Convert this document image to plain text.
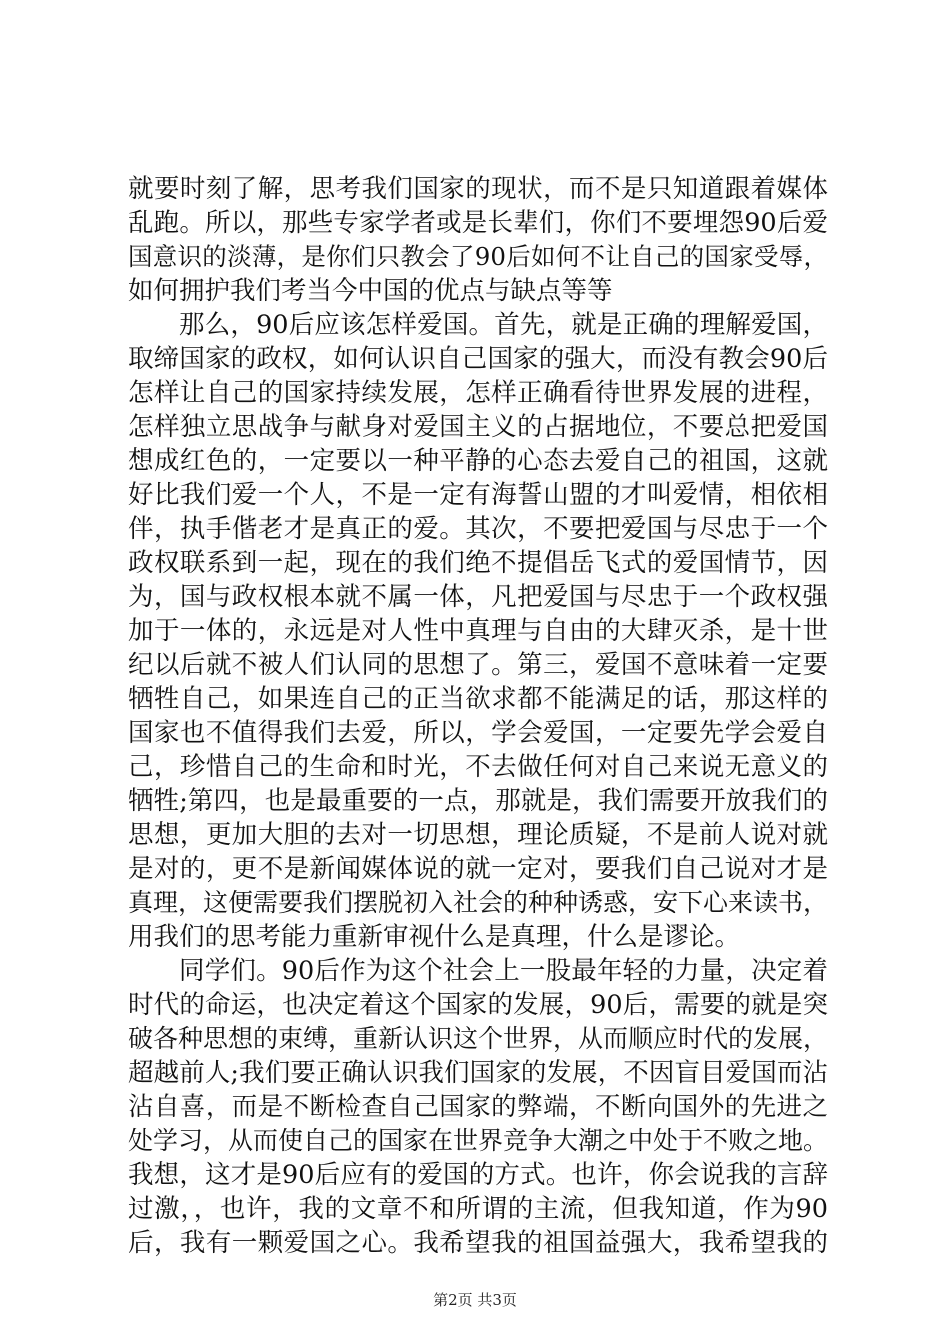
就要时刻了解，思考我们国家的现状，而不是只知道跟着媒体
乱跑。所以，那些专家学者或是长辈们，你们不要埋怨90后爱
国意识的淡薄，是你们只教会了90后如何不让自己的国家受辱，
如何拥护我们考当今中国的优点与缺点等等
那么，90后应该怎样爱国。首先，就是正确的理解爱国，
取缔国家的政权，如何认识自己国家的强大，而没有教会90后
怎样让自己的国家持续发展，怎样正确看待世界发展的进程，
怎样独立思战争与献身对爱国主义的占据地位，不要总把爱国
想成红色的，一定要以一种平静的心态去爱自己的祖国，这就
好比我们爱一个人，不是一定有海誓山盟的才叫爱情，相依相
伴，执手偕老才是真正的爱。其次，不要把爱国与尽忠于一个
政权联系到一起，现在的我们绝不提倡岳飞式的爱国情节，因
为，国与政权根本就不属一体，凡把爱国与尽忠于一个政权强
加于一体的，永远是对人性中真理与自由的大肆灭杀，是十世
纪以后就不被人们认同的思想了。第三，爱国不意味着一定要
牺牲自己，如果连自己的正当欲求都不能满足的话，那这样的
国家也不值得我们去爱，所以，学会爱国，一定要先学会爱自
己，珍惜自己的生命和时光，不去做任何对自己来说无意义的
牺牲;第四，也是最重要的一点，那就是，我们需要开放我们的
思想，更加大胆的去对一切思想，理论质疑，不是前人说对就
是对的，更不是新闻媒体说的就一定对，要我们自己说对才是
真理，这便需要我们摆脱初入社会的种种诱惑，安下心来读书，
用我们的思考能力重新审视什么是真理，什么是谬论。
同学们。90后作为这个社会上一股最年轻的力量，决定着
时代的命运，也决定着这个国家的发展，90后，需要的就是突
破各种思想的束缚，重新认识这个世界，从而顺应时代的发展，
超越前人;我们要正确认识我们国家的发展，不因盲目爱国而沾
沾自喜，而是不断检查自己国家的弊端，不断向国外的先进之
处学习，从而使自己的国家在世界竞争大潮之中处于不败之地。
我想，这才是90后应有的爱国的方式。也许，你会说我的言辞
过激，，也许，我的文章不和所谓的主流，但我知道，作为90
后，我有一颗爱国之心。我希望我的祖国益强大，我希望我的
第2页 共3页
